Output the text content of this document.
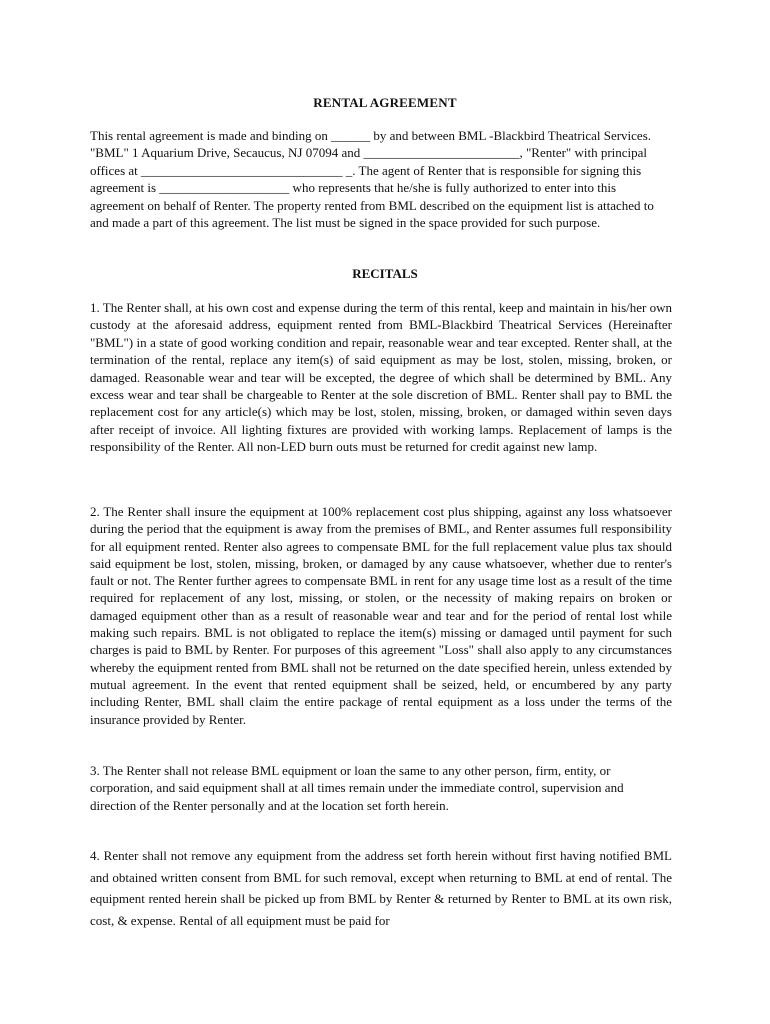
RENTAL AGREEMENT

This rental agreement is made and binding on ______ by and between BML -Blackbird Theatrical Services. "BML" 1 Aquarium Drive, Secaucus, NJ 07094 and ________________________, "Renter" with principal offices at _______________________________ _. The agent of Renter that is responsible for signing this agreement is ____________________ who represents that he/she is fully authorized to enter into this agreement on behalf of Renter. The property rented from BML described on the equipment list is attached to and made a part of this agreement. The list must be signed in the space provided for such purpose.

RECITALS

1. The Renter shall, at his own cost and expense during the term of this rental, keep and maintain in his/her own custody at the aforesaid address, equipment rented from BML-Blackbird Theatrical Services (Hereinafter "BML") in a state of good working condition and repair, reasonable wear and tear excepted. Renter shall, at the termination of the rental, replace any item(s) of said equipment as may be lost, stolen, missing, broken, or damaged. Reasonable wear and tear will be excepted, the degree of which shall be determined by BML. Any excess wear and tear shall be chargeable to Renter at the sole discretion of BML. Renter shall pay to BML the replacement cost for any article(s) which may be lost, stolen, missing, broken, or damaged within seven days after receipt of invoice. All lighting fixtures are provided with working lamps. Replacement of lamps is the responsibility of the Renter. All non-LED burn outs must be returned for credit against new lamp.

2. The Renter shall insure the equipment at 100% replacement cost plus shipping, against any loss whatsoever during the period that the equipment is away from the premises of BML, and Renter assumes full responsibility for all equipment rented. Renter also agrees to compensate BML for the full replacement value plus tax should said equipment be lost, stolen, missing, broken, or damaged by any cause whatsoever, whether due to renter's fault or not. The Renter further agrees to compensate BML in rent for any usage time lost as a result of the time required for replacement of any lost, missing, or stolen, or the necessity of making repairs on broken or damaged equipment other than as a result of reasonable wear and tear and for the period of rental lost while making such repairs. BML is not obligated to replace the item(s) missing or damaged until payment for such charges is paid to BML by Renter. For purposes of this agreement "Loss" shall also apply to any circumstances whereby the equipment rented from BML shall not be returned on the date specified herein, unless extended by mutual agreement. In the event that rented equipment shall be seized, held, or encumbered by any party including Renter, BML shall claim the entire package of rental equipment as a loss under the terms of the insurance provided by Renter.

3. The Renter shall not release BML equipment or loan the same to any other person, firm, entity, or corporation, and said equipment shall at all times remain under the immediate control, supervision and direction of the Renter personally and at the location set forth herein.

4. Renter shall not remove any equipment from the address set forth herein without first having notified BML and obtained written consent from BML for such removal, except when returning to BML at end of rental. The equipment rented herein shall be picked up from BML by Renter & returned by Renter to BML at its own risk, cost, & expense. Rental of all equipment must be paid for
